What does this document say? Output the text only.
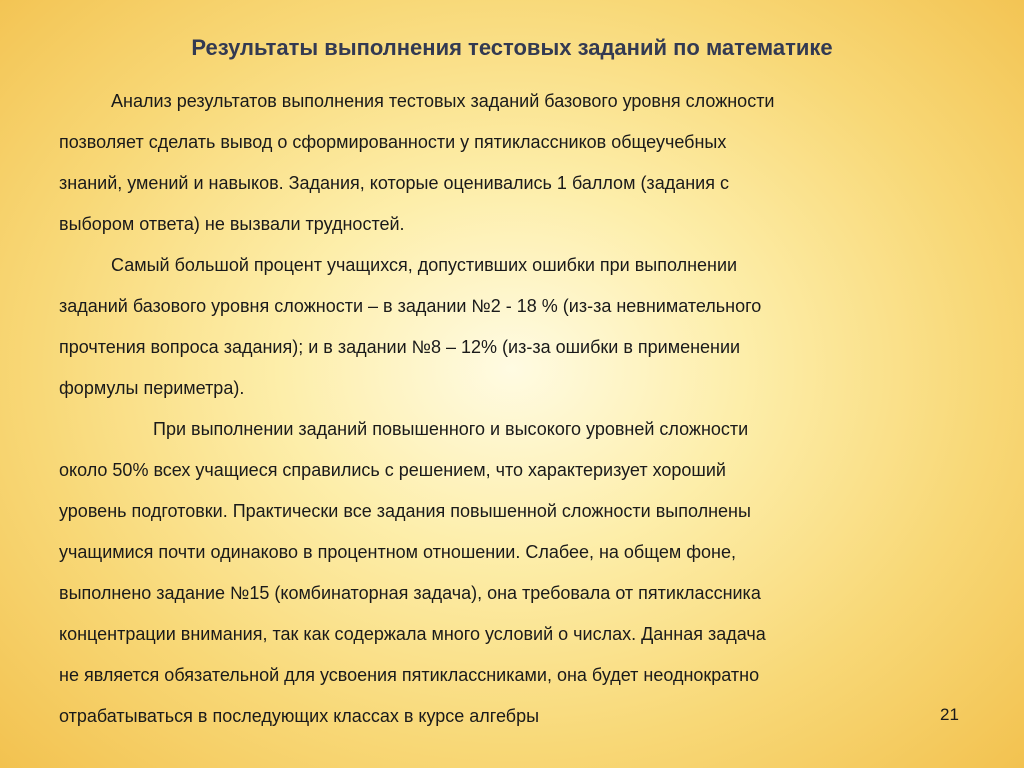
Результаты выполнения тестовых заданий по математике

Анализ результатов выполнения тестовых заданий базового уровня сложности
позволяет сделать вывод о сформированности у пятиклассников общеучебных
знаний, умений и навыков. Задания, которые оценивались 1 баллом (задания с
выбором ответа) не вызвали трудностей.

Самый большой процент учащихся, допустивших ошибки при выполнении
заданий базового уровня сложности – в задании №2 - 18 % (из-за невнимательного
прочтения вопроса задания); и в задании №8 – 12% (из-за ошибки в применении
формулы периметра).

При выполнении заданий повышенного и высокого уровней сложности
около 50% всех учащиеся справились с решением, что характеризует хороший
уровень подготовки. Практически все задания повышенной сложности выполнены
учащимися почти одинаково в процентном отношении. Слабее, на общем фоне,
выполнено задание №15 (комбинаторная задача), она требовала от пятиклассника
концентрации внимания, так как содержала много условий о числах. Данная задача
не является обязательной для усвоения пятиклассниками, она будет неоднократно
отрабатываться в последующих классах в курсе алгебры	21
